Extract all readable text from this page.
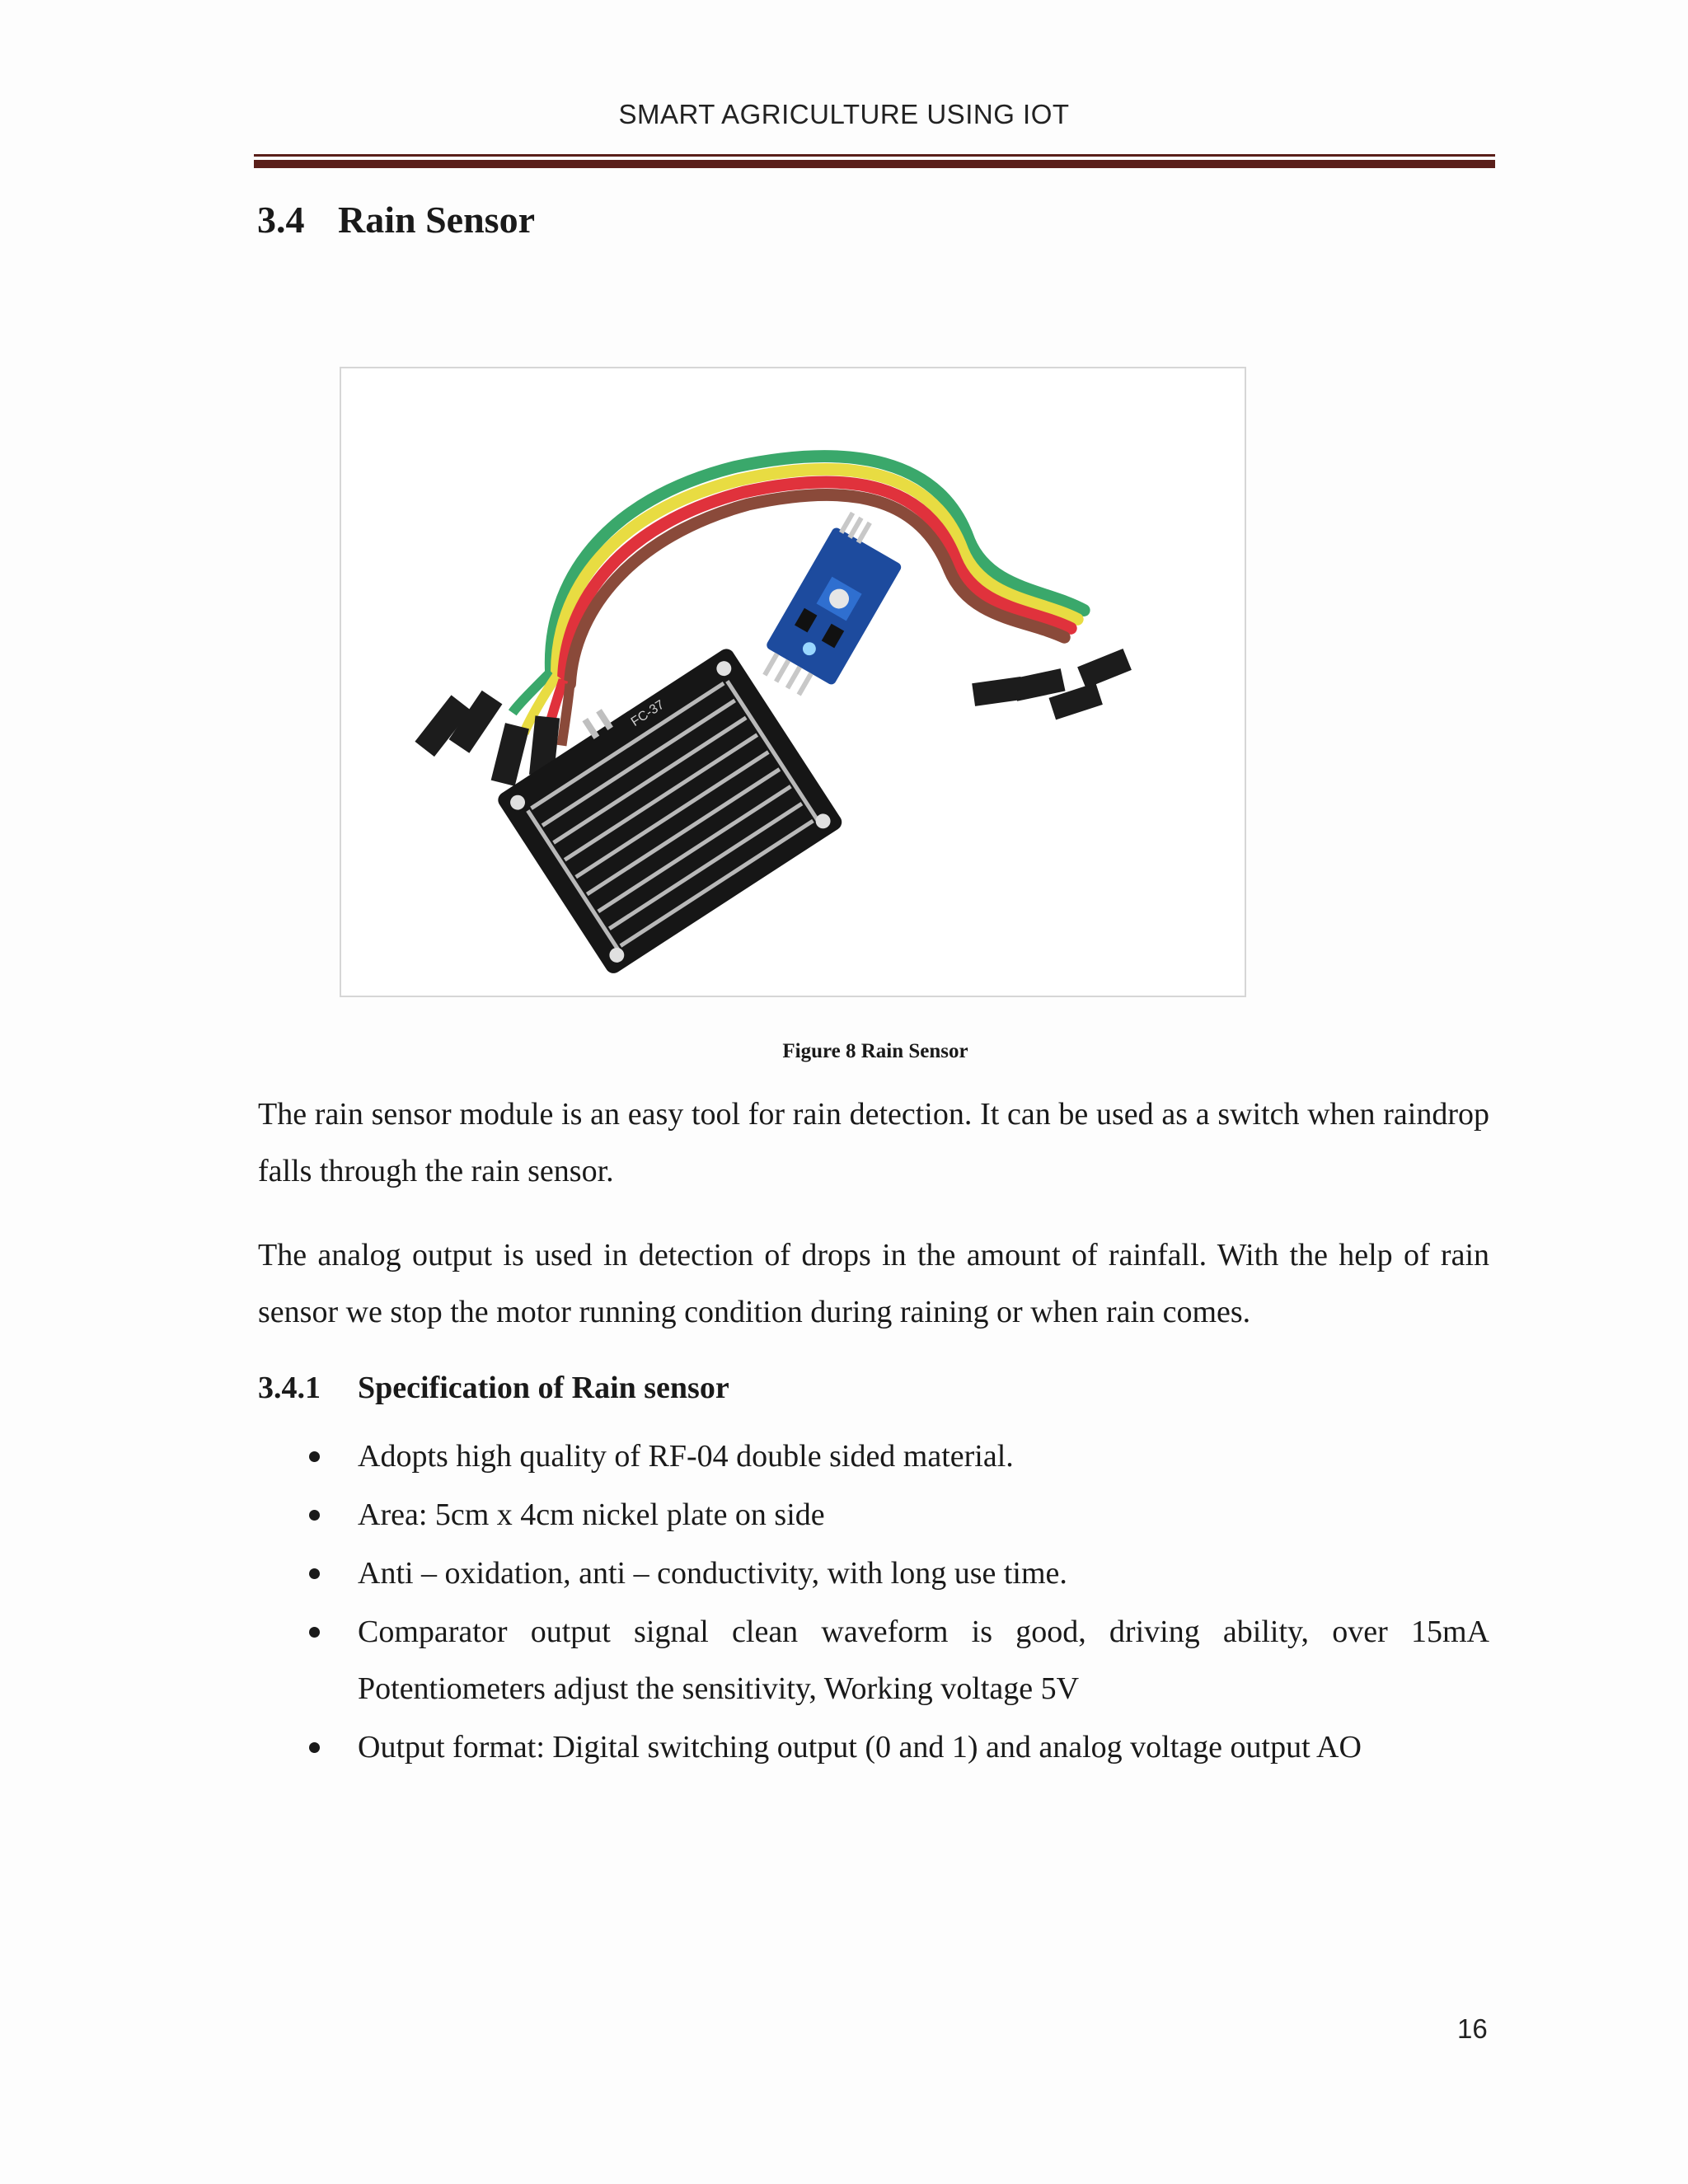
SMART AGRICULTURE USING IOT
3.4 Rain Sensor
FC-37
Figure 8 Rain Sensor

The rain sensor module is an easy tool for rain detection. It can be used as a switch when raindrop falls through the rain sensor.

The analog output is used in detection of drops in the amount of rainfall. With the help of rain sensor we stop the motor running condition during raining or when rain comes.

3.4.1 Specification of Rain sensor
Adopts high quality of RF-04 double sided material.
Area: 5cm x 4cm nickel plate on side
Anti – oxidation, anti – conductivity, with long use time.
Comparator output signal clean waveform is good, driving ability, over 15mA Potentiometers adjust the sensitivity, Working voltage 5V
Output format: Digital switching output (0 and 1) and analog voltage output AO
16
